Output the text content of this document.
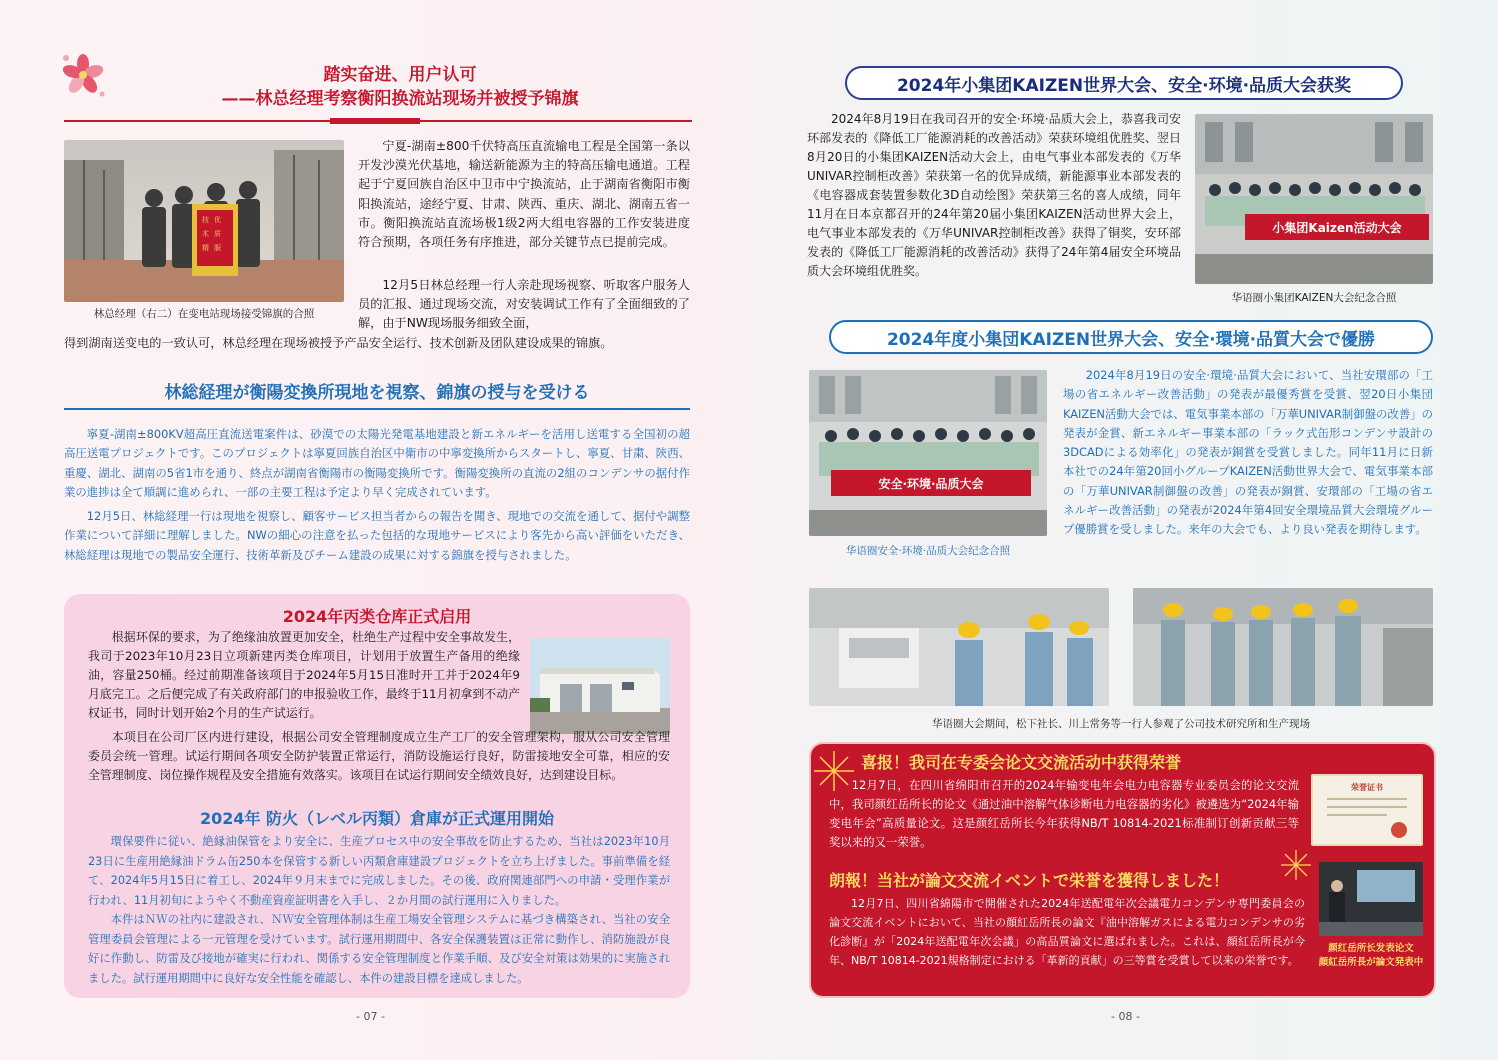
踏实奋进、用户认可
——林总经理考察衡阳换流站现场并被授予锦旗
技 优
术 质
精 服
林总经理（右二）在变电站现场接受锦旗的合照
宁夏-湖南±800千伏特高压直流输电工程是全国第一条以开发沙漠光伏基地，输送新能源为主的特高压输电通道。工程起于宁夏回族自治区中卫市中宁换流站，止于湖南省衡阳市衡阳换流站，途经宁夏、甘肃、陕西、重庆、湖北、湖南五省一市。衡阳换流站直流场极1级2两大组电容器的工作安装进度符合预期，各项任务有序推进，部分关键节点已提前完成。
12月5日林总经理一行人亲赴现场视察、听取客户服务人员的汇报、通过现场交流，对安装调试工作有了全面细致的了解，由于NW现场服务细致全面，
得到湖南送变电的一致认可，林总经理在现场被授予产品安全运行、技术创新及团队建设成果的锦旗。
林総経理が衡陽変換所現地を視察、錦旗の授与を受ける
寧夏-湖南±800KV超高圧直流送電案件は、砂漠での太陽光発電基地建設と新エネルギーを活用し送電する全国初の超高圧送電プロジェクトです。このプロジェクトは寧夏回族自治区中衛市の中寧変換所からスタートし、寧夏、甘粛、陝西、重慶、湖北、湖南の5省1市を通り、終点が湖南省衡陽市の衡陽変換所です。衡陽変換所の直流の2組のコンデンサの据付作業の進捗は全て順調に進められ、一部の主要工程は予定より早く完成されています。
12月5日、林総経理一行は現地を視察し、顧客サービス担当者からの報告を聞き、現地での交流を通して、据付や調整作業について詳細に理解しました。NWの細心の注意を払った包括的な現地サービスにより客先から高い評価をいただき、林総経理は現地での製品安全運行、技術革新及びチーム建設の成果に対する錦旗を授与されました。
2024年丙类仓库正式启用
根据环保的要求，为了绝缘油放置更加安全，杜绝生产过程中安全事故发生，我司于2023年10月23日立项新建丙类仓库项目，计划用于放置生产备用的绝缘油，容量250桶。经过前期准备该项目于2024年5月15日准时开工并于2024年9月底完工。之后便完成了有关政府部门的申报验收工作，最终于11月初拿到不动产权证书，同时计划开始2个月的生产试运行。
本项目在公司厂区内进行建设，根据公司安全管理制度成立生产工厂的安全管理架构，服从公司安全管理委员会统一管理。试运行期间各项安全防护装置正常运行，消防设施运行良好，防雷接地安全可靠，相应的安全管理制度、岗位操作规程及安全措施有效落实。该项目在试运行期间安全绩效良好，达到建设目标。
2024年 防火（レベル丙類）倉庫が正式運用開始
環保要件に従い、絶縁油保管をより安全に、生産プロセス中の安全事故を防止するため、当社は2023年10月23日に生産用絶縁油ドラム缶250本を保管する新しい丙類倉庫建設プロジェクトを立ち上げました。事前準備を経て、2024年5月15日に着工し、2024年９月末までに完成しました。その後、政府関連部門への申請・受理作業が行われ、11月初旬にようやく不動産資産証明書を入手し、２か月間の試行運用に入りました。
本件はＮＷの社内に建設され、ＮＷ安全管理体制は生産工場安全管理システムに基づき構築され、当社の安全管理委員会管理による一元管理を受けています。試行運用期間中、各安全保護装置は正常に動作し、消防施設が良好に作動し、防雷及び接地が確実に行われ、関係する安全管理制度と作業手順、及び安全対策は効果的に実施されました。試行運用期間中に良好な安全性能を確認し、本件の建設目標を達成しました。
- 07 -
2024年小集团KAIZEN世界大会、安全·环境·品质大会获奖
2024年8月19日在我司召开的安全·环境·品质大会上，恭喜我司安环部发表的《降低工厂能源消耗的改善活动》荣获环境组优胜奖、翌日8月20日的小集团KAIZEN活动大会上，由电气事业本部发表的《万华UNIVAR控制柜改善》荣获第一名的优异成绩，新能源事业本部发表的《电容器成套装置参数化3D自动绘图》荣获第三名的喜人成绩，同年11月在日本京都召开的24年第20届小集团KAIZEN活动世界大会上，电气事业本部发表的《万华UNIVAR控制柜改善》获得了铜奖，安环部发表的《降低工厂能源消耗的改善活动》获得了24年第4届安全环境品质大会环境组优胜奖。
小集团Kaizen活动大会
华语圈小集团KAIZEN大会纪念合照
2024年度小集団KAIZEN世界大会、安全·環境·品質大会で優勝
安全·环境·品质大会
华语圈安全·环境·品质大会纪念合照
2024年8月19日の安全·環境·品質大会において、当社安環部の「工場の省エネルギー改善活動」の発表が最優秀賞を受賞、翌20日小集団KAIZEN活動大会では、電気事業本部の「万華UNIVAR制御盤の改善」の発表が金賞、新エネルギー事業本部の「ラック式缶形コンデンサ設計の3DCADによる効率化」の発表が銅賞を受賞しました。同年11月に日新本社での24年第20回小グループKAIZEN活動世界大会で、電気事業本部の「万華UNIVAR制御盤の改善」の発表が銅賞、安環部の「工場の省エネルギー改善活動」の発表が2024年第4回安全環境品質大会環境グループ優勝賞を受しました。来年の大会でも、より良い発表を期待します。
华语圈大会期间，松下社长、川上常务等一行人参观了公司技术研究所和生产现场
喜报！我司在专委会论文交流活动中获得荣誉
12月7日，在四川省绵阳市召开的2024年输变电年会电力电容器专业委员会的论文交流中，我司颜红岳所长的论文《通过油中溶解气体诊断电力电容器的劣化》被遴选为“2024年输变电年会”高质量论文。这是颜红岳所长今年获得NB/T 10814-2021标准制订创新贡献三等奖以来的又一荣誉。
荣誉证书
朗報！当社が論文交流イベントで栄誉を獲得しました！
12月7日、四川省綿陽市で開催された2024年送配電年次会議電力コンデンサ専門委員会の論文交流イベントにおいて、当社の顔紅岳所長の論文『油中溶解ガスによる電力コンデンサの劣化診断』が「2024年送配電年次会議」の高品質論文に選ばれました。これは、顔紅岳所長が今年、NB/T 10814-2021規格制定における「革新的貢献」の三等賞を受賞して以来の栄誉です。
颜红岳所长发表论文
顔紅岳所長が論文発表中
- 08 -
